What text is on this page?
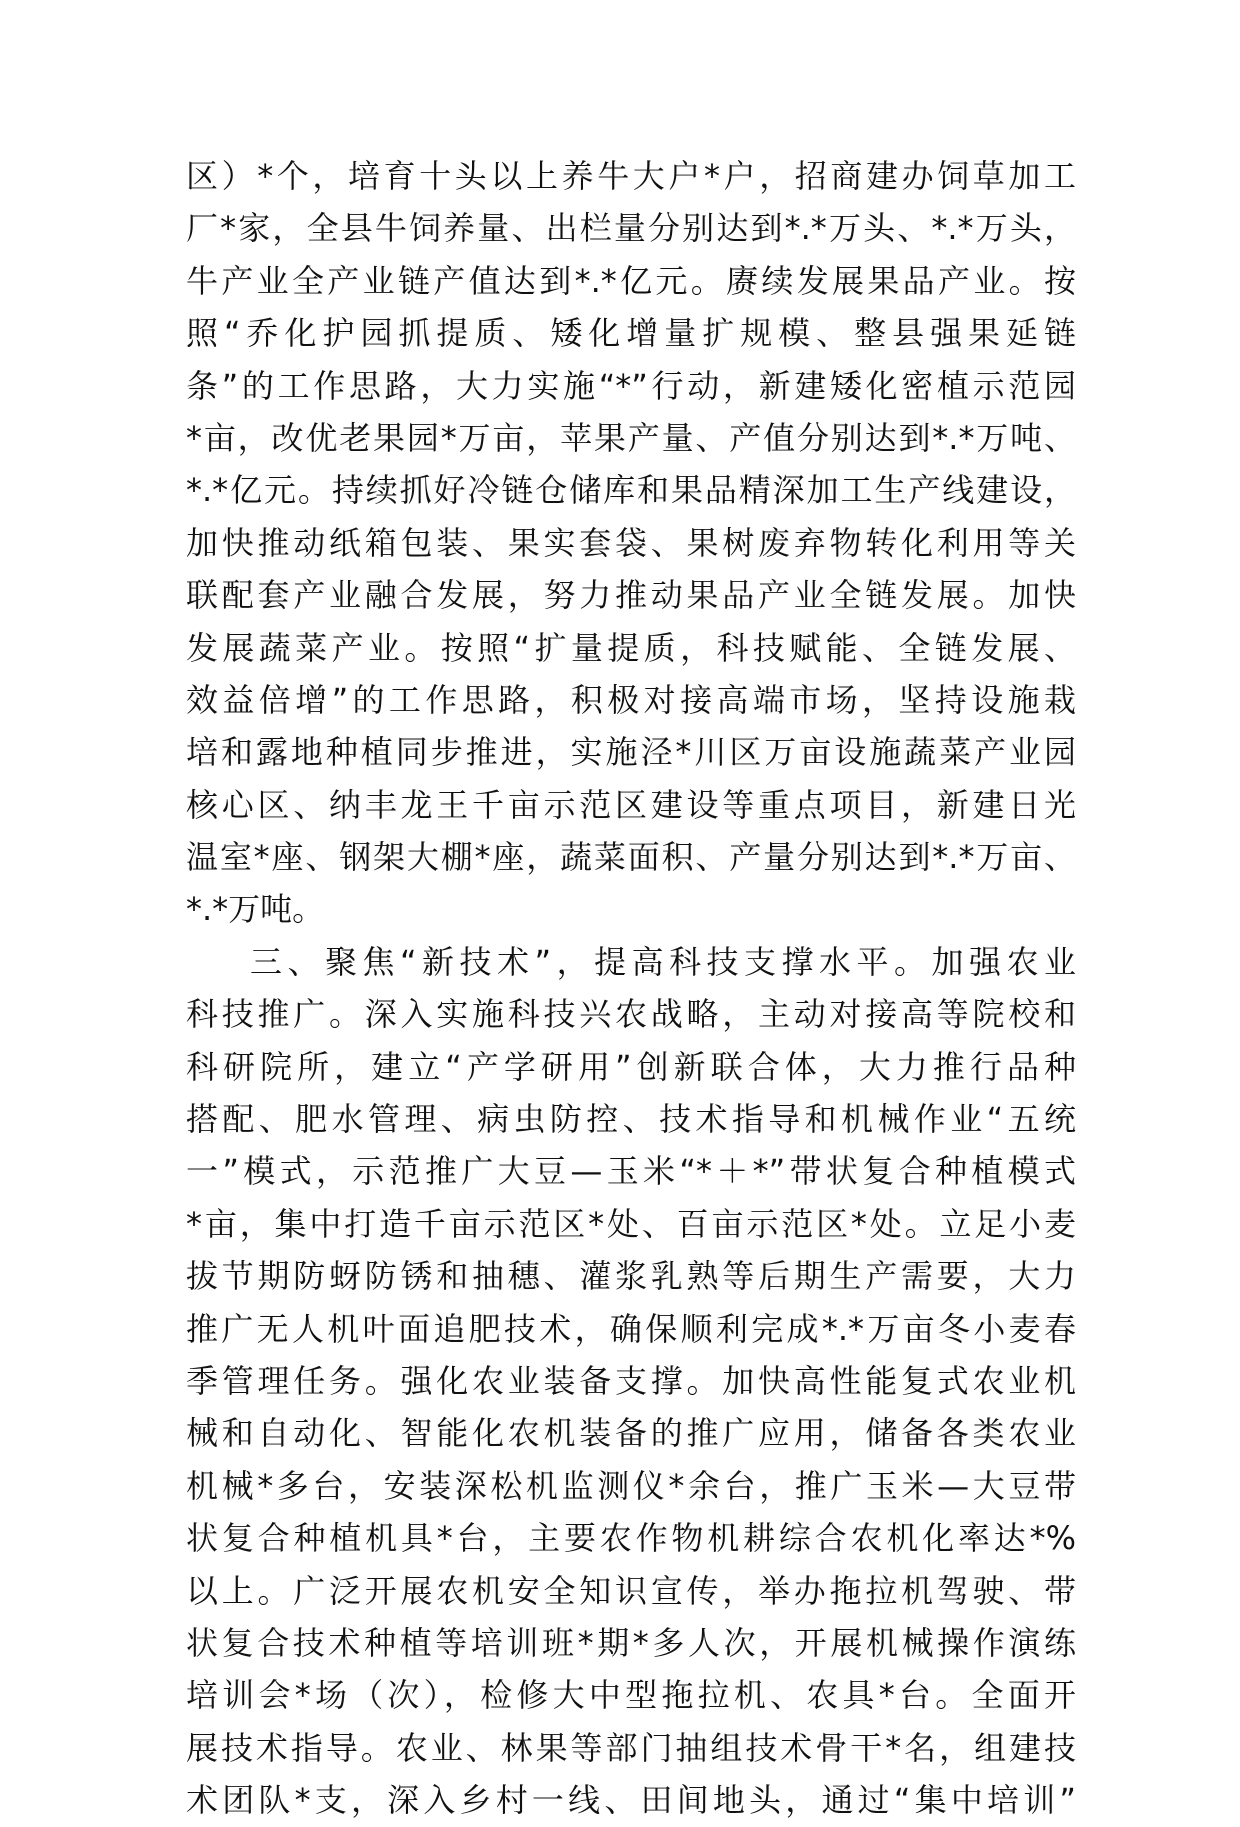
区）*个，培育十头以上养牛大户*户，招商建办饲草加工
厂*家，全县牛饲养量、出栏量分别达到*.*万头、*.*万头，
牛产业全产业链产值达到*.*亿元。赓续发展果品产业。按
照“乔化护园抓提质、矮化增量扩规模、整县强果延链
条”的工作思路，大力实施“*”行动，新建矮化密植示范园
*亩，改优老果园*万亩，苹果产量、产值分别达到*.*万吨、
*.*亿元。持续抓好冷链仓储库和果品精深加工生产线建设，
加快推动纸箱包装、果实套袋、果树废弃物转化利用等关
联配套产业融合发展，努力推动果品产业全链发展。加快
发展蔬菜产业。按照“扩量提质，科技赋能、全链发展、
效益倍增”的工作思路，积极对接高端市场，坚持设施栽
培和露地种植同步推进，实施泾*川区万亩设施蔬菜产业园
核心区、纳丰龙王千亩示范区建设等重点项目，新建日光
温室*座、钢架大棚*座，蔬菜面积、产量分别达到*.*万亩、
*.*万吨。
三、聚焦“新技术”，提高科技支撑水平。加强农业
科技推广。深入实施科技兴农战略，主动对接高等院校和
科研院所，建立“产学研用”创新联合体，大力推行品种
搭配、肥水管理、病虫防控、技术指导和机械作业“五统
一”模式，示范推广大豆—玉米“*＋*”带状复合种植模式
*亩，集中打造千亩示范区*处、百亩示范区*处。立足小麦
拔节期防蚜防锈和抽穗、灌浆乳熟等后期生产需要，大力
推广无人机叶面追肥技术，确保顺利完成*.*万亩冬小麦春
季管理任务。强化农业装备支撑。加快高性能复式农业机
械和自动化、智能化农机装备的推广应用，储备各类农业
机械*多台，安装深松机监测仪*余台，推广玉米—大豆带
状复合种植机具*台，主要农作物机耕综合农机化率达*%
以上。广泛开展农机安全知识宣传，举办拖拉机驾驶、带
状复合技术种植等培训班*期*多人次，开展机械操作演练
培训会*场（次），检修大中型拖拉机、农具*台。全面开
展技术指导。农业、林果等部门抽组技术骨干*名，组建技
术团队*支，深入乡村一线、田间地头，通过“集中培训”
